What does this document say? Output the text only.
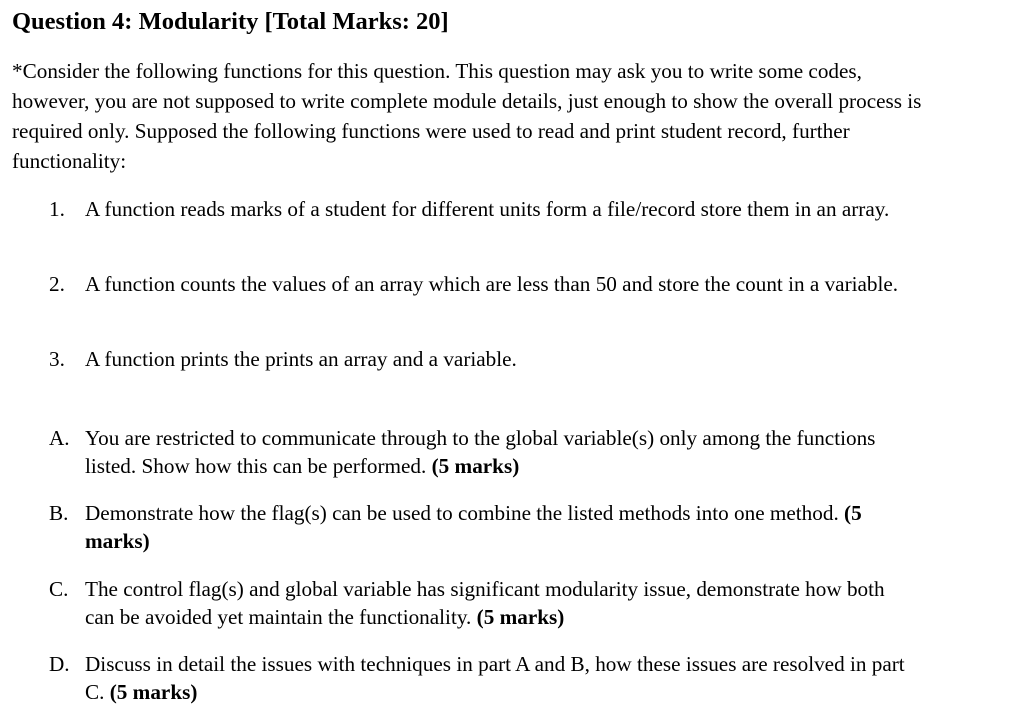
Question 4: Modularity [Total Marks: 20]

*Consider the following functions for this question. This question may ask you to write some codes, however, you are not supposed to write complete module details, just enough to show the overall process is required only. Supposed the following functions were used to read and print student record, further functionality:

1. A function reads marks of a student for different units form a file/record store them in an array.
2. A function counts the values of an array which are less than 50 and store the count in a variable.
3. A function prints the prints an array and a variable.
A. You are restricted to communicate through to the global variable(s) only among the functions listed. Show how this can be performed. (5 marks)
B. Demonstrate how the flag(s) can be used to combine the listed methods into one method. (5 marks)
C. The control flag(s) and global variable has significant modularity issue, demonstrate how both can be avoided yet maintain the functionality. (5 marks)
D. Discuss in detail the issues with techniques in part A and B, how these issues are resolved in part C. (5 marks)
